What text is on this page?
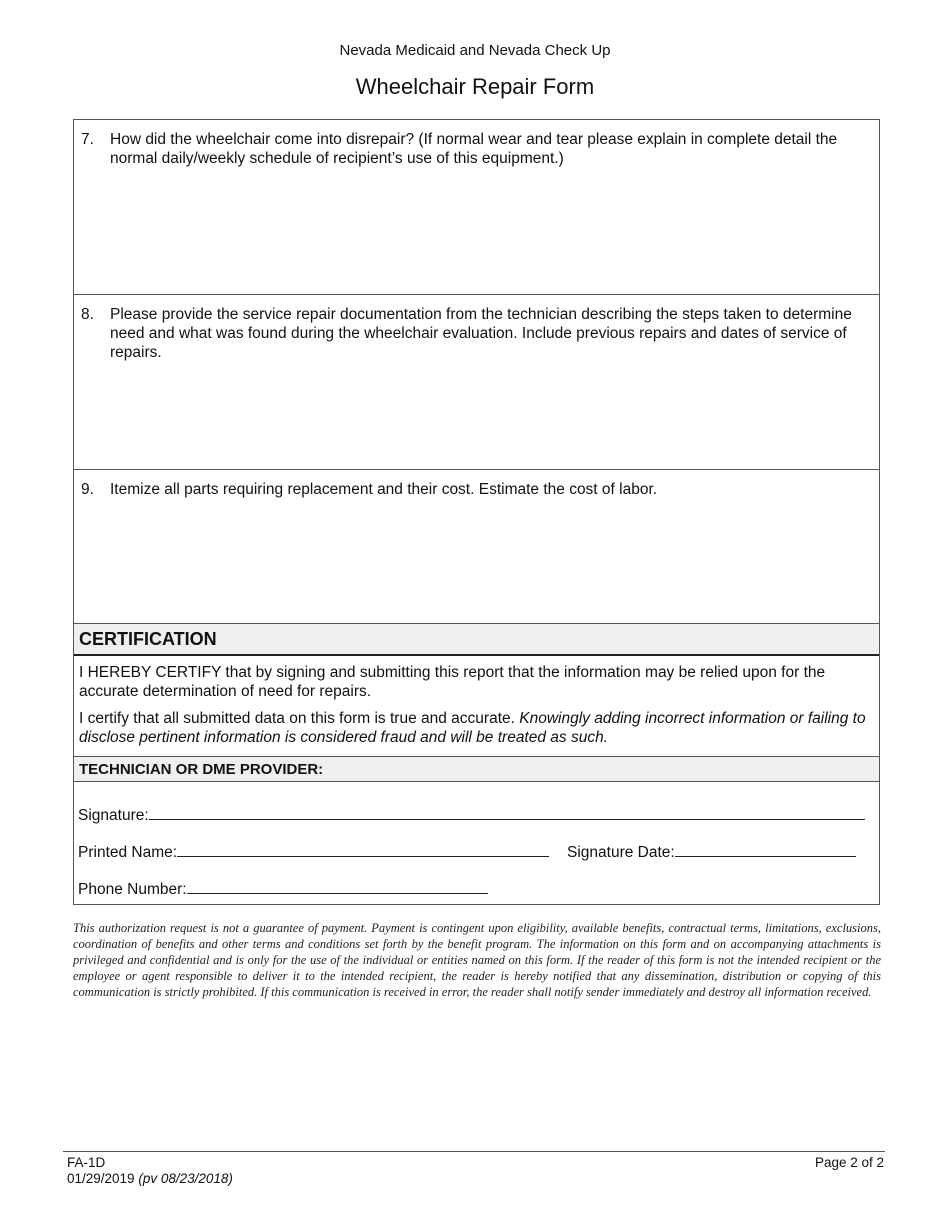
Nevada Medicaid and Nevada Check Up
Wheelchair Repair Form
7.	How did the wheelchair come into disrepair? (If normal wear and tear please explain in complete detail the normal daily/weekly schedule of recipient’s use of this equipment.)
8.	Please provide the service repair documentation from the technician describing the steps taken to determine need and what was found during the wheelchair evaluation. Include previous repairs and dates of service of repairs.
9.	Itemize all parts requiring replacement and their cost. Estimate the cost of labor.
CERTIFICATION

I HEREBY CERTIFY that by signing and submitting this report that the information may be relied upon for the accurate determination of need for repairs.

I certify that all submitted data on this form is true and accurate. Knowingly adding incorrect information or failing to disclose pertinent information is considered fraud and will be treated as such.

TECHNICIAN OR DME PROVIDER:
Signature:
Printed Name:	Signature Date:
Phone Number:
This authorization request is not a guarantee of payment. Payment is contingent upon eligibility, available benefits, contractual terms, limitations, exclusions, coordination of benefits and other terms and conditions set forth by the benefit program. The information on this form and on accompanying attachments is privileged and confidential and is only for the use of the individual or entities named on this form. If the reader of this form is not the intended recipient or the employee or agent responsible to deliver it to the intended recipient, the reader is hereby notified that any dissemination, distribution or copying of this communication is strictly prohibited. If this communication is received in error, the reader shall notify sender immediately and destroy all information received.
FA-1D
01/29/2019 (pv 08/23/2018)
Page 2 of 2
